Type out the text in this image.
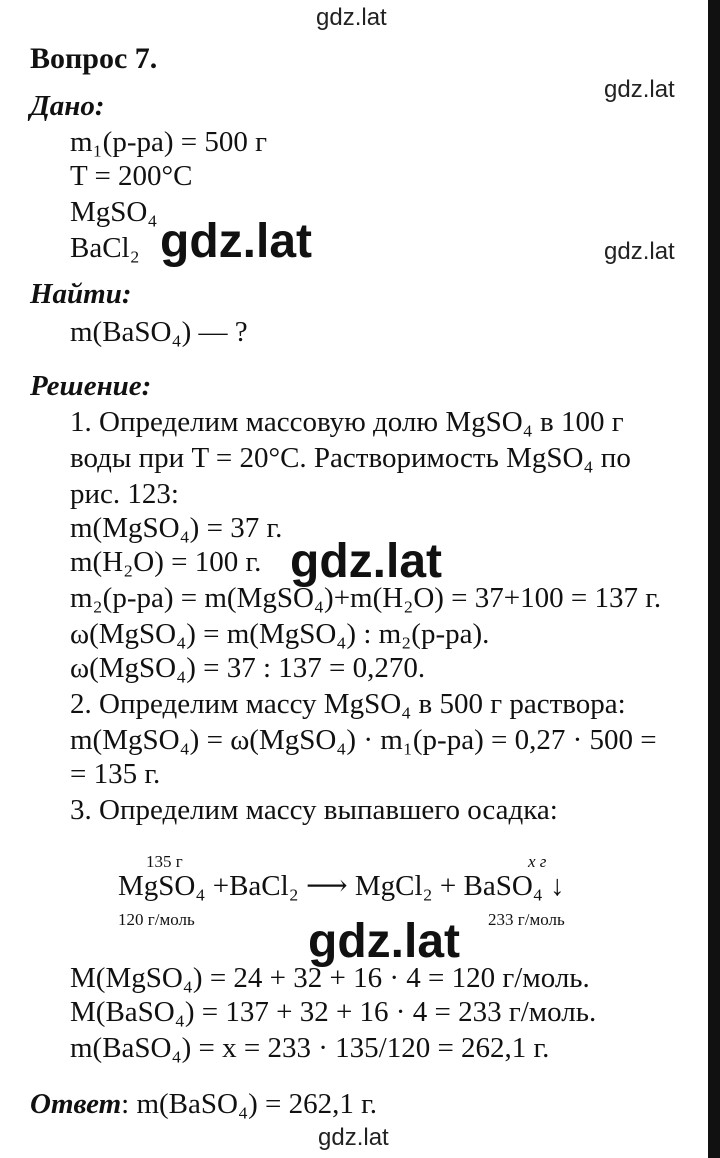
gdz.lat
gdz.lat
gdz.lat
gdz.lat
gdz.lat
gdz.lat
gdz.lat
Вопрос 7.
Дано:
m₁(р-ра) = 500 г
T = 200°C
MgSO₄
BaCl₂
Найти:
m(BaSO₄) — ?
Решение:
1. Определим массовую долю MgSO₄ в 100 г
воды при T = 20°C. Растворимость MgSO₄ по
рис. 123:
m(MgSO₄) = 37 г.
m(H₂O) = 100 г.
m₂(р-ра) = m(MgSO₄)+m(H₂O) = 37+100 = 137 г.
ω(MgSO₄) = m(MgSO₄) : m₂(р-ра).
ω(MgSO₄) = 37 : 137 = 0,270.
2. Определим массу MgSO₄ в 500 г раствора:
m(MgSO₄) = ω(MgSO₄) · m₁(р-ра) = 0,27 · 500 =
= 135 г.
3. Определим массу выпавшего осадка:
135 г	x г
MgSO₄ +BaCl₂ ⟶ MgCl₂ + BaSO₄ ↓
120 г/моль	233 г/моль
M(MgSO₄) = 24 + 32 + 16 · 4 = 120 г/моль.
M(BaSO₄) = 137 + 32 + 16 · 4 = 233 г/моль.
m(BaSO₄) = x = 233 · 135/120 = 262,1 г.
Ответ: m(BaSO₄) = 262,1 г.
